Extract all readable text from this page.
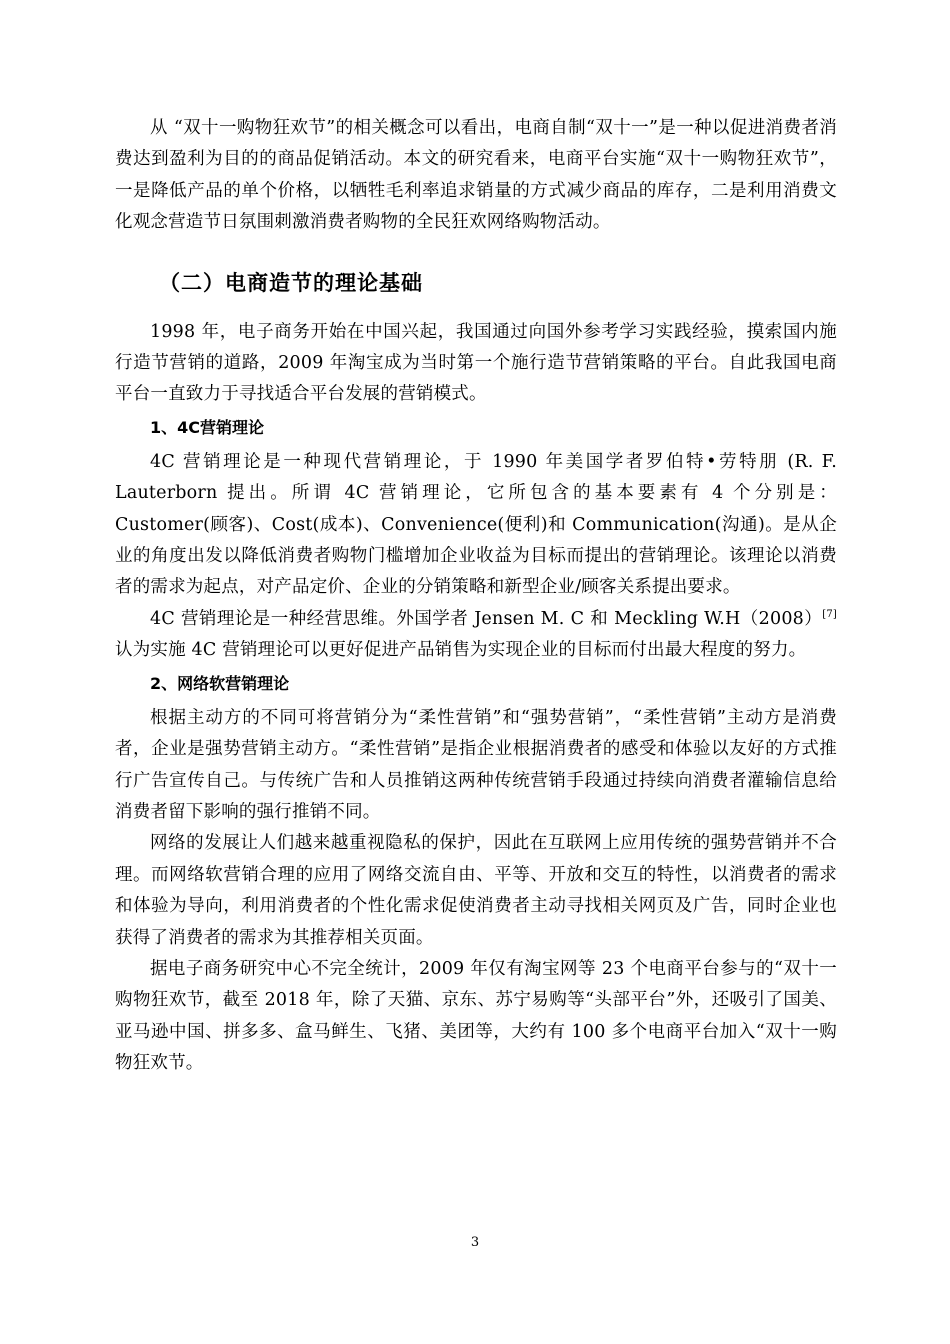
从 “双十一购物狂欢节”的相关概念可以看出，电商自制“双十一”是一种以促进消费者消费达到盈利为目的的商品促销活动。本文的研究看来，电商平台实施“双十一购物狂欢节”，一是降低产品的单个价格，以牺牲毛利率追求销量的方式减少商品的库存，二是利用消费文化观念营造节日氛围刺激消费者购物的全民狂欢网络购物活动。

（二）电商造节的理论基础

1998 年，电子商务开始在中国兴起，我国通过向国外参考学习实践经验，摸索国内施行造节营销的道路，2009 年淘宝成为当时第一个施行造节营销策略的平台。自此我国电商平台一直致力于寻找适合平台发展的营销模式。

1、4C营销理论

4C 营销理论是一种现代营销理论，于 1990 年美国学者罗伯特•劳特朋 (R. F. Lauterborn 提出。所谓 4C 营销理论，它所包含的基本要素有 4 个分别是：Customer(顾客)、Cost(成本)、Convenience(便利)和 Communication(沟通)。是从企业的角度出发以降低消费者购物门槛增加企业收益为目标而提出的营销理论。该理论以消费者的需求为起点，对产品定价、企业的分销策略和新型企业/顾客关系提出要求。

4C 营销理论是一种经营思维。外国学者 Jensen M. C 和 Meckling W.H（2008）[7]认为实施 4C 营销理论可以更好促进产品销售为实现企业的目标而付出最大程度的努力。

2、网络软营销理论

根据主动方的不同可将营销分为“柔性营销”和“强势营销”，“柔性营销”主动方是消费者，企业是强势营销主动方。“柔性营销”是指企业根据消费者的感受和体验以友好的方式推行广告宣传自己。与传统广告和人员推销这两种传统营销手段通过持续向消费者灌输信息给消费者留下影响的强行推销不同。

网络的发展让人们越来越重视隐私的保护，因此在互联网上应用传统的强势营销并不合理。而网络软营销合理的应用了网络交流自由、平等、开放和交互的特性，以消费者的需求和体验为导向，利用消费者的个性化需求促使消费者主动寻找相关网页及广告，同时企业也获得了消费者的需求为其推荐相关页面。

据电子商务研究中心不完全统计，2009 年仅有淘宝网等 23 个电商平台参与的“双十一购物狂欢节，截至 2018 年，除了天猫、京东、苏宁易购等“头部平台”外，还吸引了国美、亚马逊中国、拼多多、盒马鲜生、飞猪、美团等，大约有 100 多个电商平台加入“双十一购物狂欢节。

3
